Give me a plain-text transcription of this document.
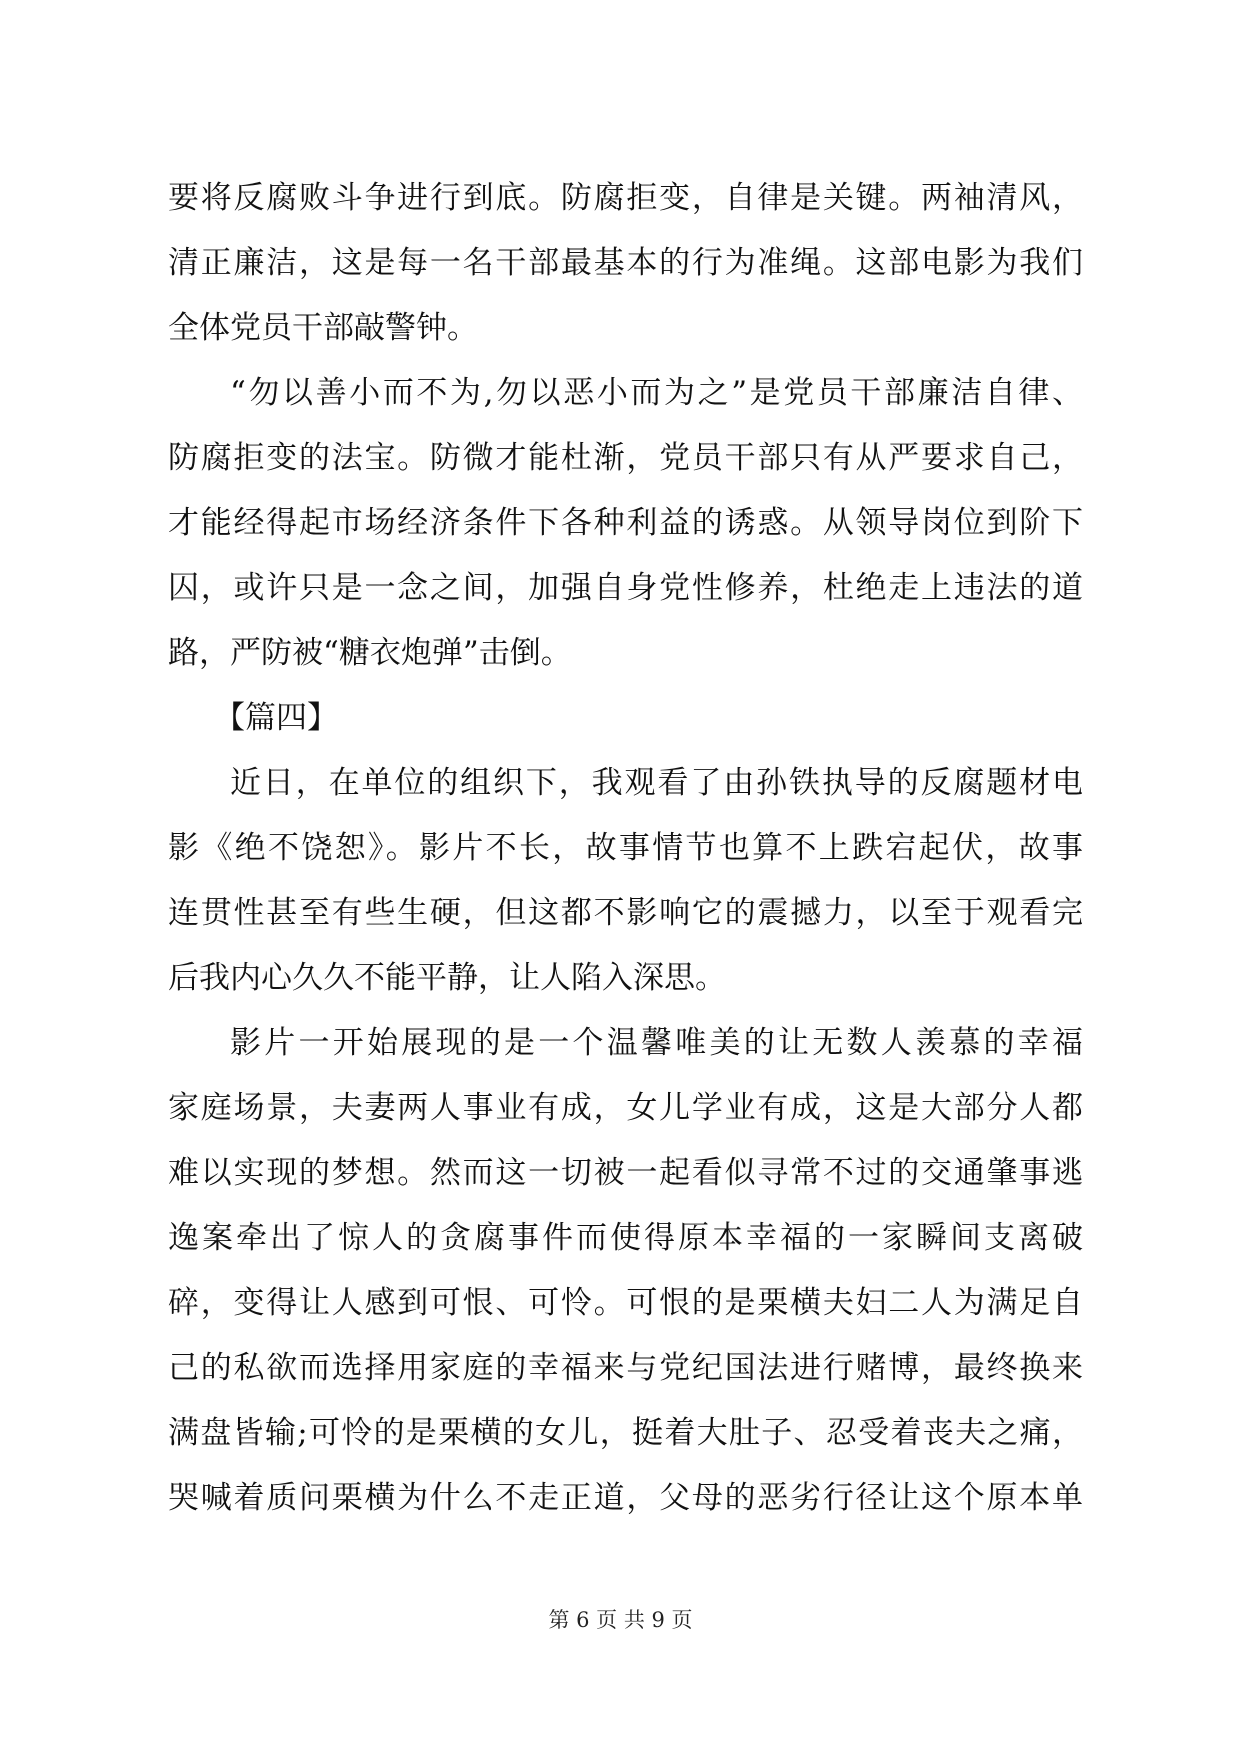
要将反腐败斗争进行到底。防腐拒变，自律是关键。两袖清风，
清正廉洁，这是每一名干部最基本的行为准绳。这部电影为我们
全体党员干部敲警钟。
“勿以善小而不为,勿以恶小而为之”是党员干部廉洁自律、
防腐拒变的法宝。防微才能杜渐，党员干部只有从严要求自己，
才能经得起市场经济条件下各种利益的诱惑。从领导岗位到阶下
囚，或许只是一念之间，加强自身党性修养，杜绝走上违法的道
路，严防被“糖衣炮弹”击倒。
【篇四】
近日，在单位的组织下，我观看了由孙铁执导的反腐题材电
影《绝不饶恕》。影片不长，故事情节也算不上跌宕起伏，故事
连贯性甚至有些生硬，但这都不影响它的震撼力，以至于观看完
后我内心久久不能平静，让人陷入深思。
影片一开始展现的是一个温馨唯美的让无数人羡慕的幸福
家庭场景，夫妻两人事业有成，女儿学业有成，这是大部分人都
难以实现的梦想。然而这一切被一起看似寻常不过的交通肇事逃
逸案牵出了惊人的贪腐事件而使得原本幸福的一家瞬间支离破
碎，变得让人感到可恨、可怜。可恨的是栗横夫妇二人为满足自
己的私欲而选择用家庭的幸福来与党纪国法进行赌博，最终换来
满盘皆输;可怜的是栗横的女儿，挺着大肚子、忍受着丧夫之痛，
哭喊着质问栗横为什么不走正道，父母的恶劣行径让这个原本单
第 6 页 共 9 页
